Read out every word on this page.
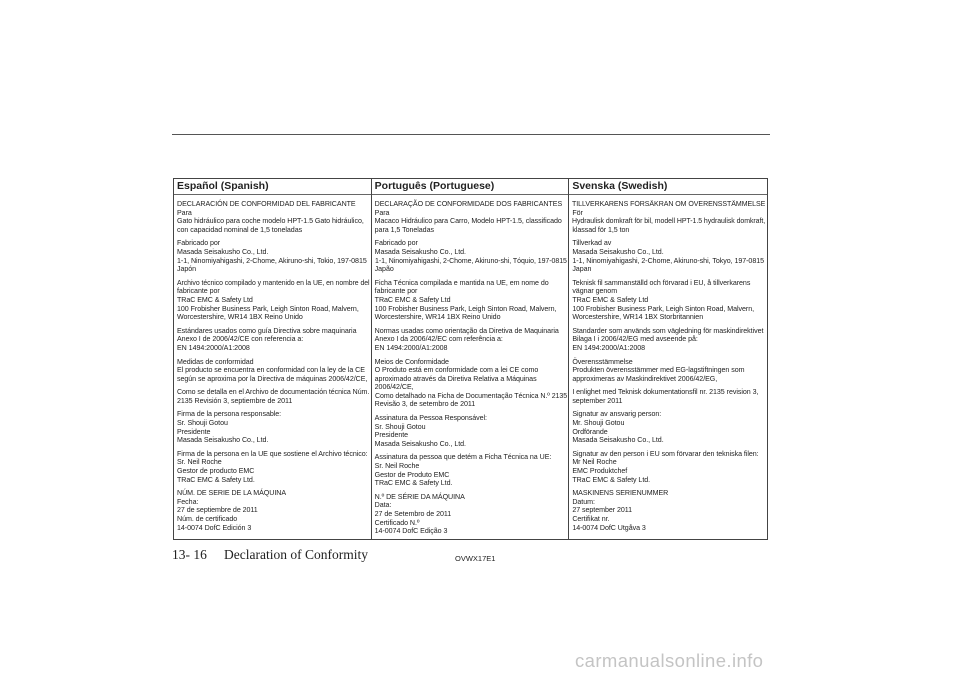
Español (Spanish)
DECLARACIÓN DE CONFORMIDAD DEL FABRICANTE
Para
Gato hidráulico para coche modelo HPT-1.5 Gato hidráulico,
con capacidad nominal de 1,5 toneladas
Fabricado por
Masada Seisakusho Co., Ltd.
1-1, Ninomiyahigashi, 2-Chome, Akiruno-shi, Tokio, 197-0815
Japón
Archivo técnico compilado y mantenido en la UE, en nombre del
fabricante por
TRaC EMC & Safety Ltd
100 Frobisher Business Park, Leigh Sinton Road, Malvern,
Worcestershire, WR14 1BX Reino Unido
Estándares usados como guía Directiva sobre maquinaria
Anexo I de 2006/42/CE con referencia a:
EN 1494:2000/A1:2008
Medidas de conformidad
El producto se encuentra en conformidad con la ley de la CE
según se aproxima por la Directiva de máquinas 2006/42/CE,
Como se detalla en el Archivo de documentación técnica Núm.
2135 Revisión 3, septiembre de 2011
Firma de la persona responsable:
Sr. Shouji Gotou
Presidente
Masada Seisakusho Co., Ltd.
Firma de la persona en la UE que sostiene el Archivo técnico:
Sr. Neil Roche
Gestor de producto EMC
TRaC EMC & Safety Ltd.
NÚM. DE SERIE DE LA MÁQUINA
Fecha:
27 de septiembre de 2011
Núm. de certificado
14-0074 DofC Edición 3
Português (Portuguese)
DECLARAÇÃO DE CONFORMIDADE DOS FABRICANTES
Para
Macaco Hidráulico para Carro, Modelo HPT-1.5, classificado
para 1,5 Toneladas
Fabricado por
Masada Seisakusho Co., Ltd.
1-1, Ninomiyahigashi, 2-Chome, Akiruno-shi, Tóquio, 197-0815
Japão
Ficha Técnica compilada e mantida na UE, em nome do
fabricante por
TRaC EMC & Safety Ltd
100 Frobisher Business Park, Leigh Sinton Road, Malvern,
Worcestershire, WR14 1BX Reino Unido
Normas usadas como orientação da Diretiva de Maquinaria
Anexo I da 2006/42/EC com referência a:
EN 1494:2000/A1:2008
Meios de Conformidade
O Produto está em conformidade com a lei CE como
aproximado através da Diretiva Relativa a Máquinas
2006/42/CE,
Como detalhado na Ficha de Documentação Técnica N.º 2135
Revisão 3, de setembro de 2011
Assinatura da Pessoa Responsável:
Sr. Shouji Gotou
Presidente
Masada Seisakusho Co., Ltd.
Assinatura da pessoa que detém a Ficha Técnica na UE:
Sr. Neil Roche
Gestor de Produto EMC
TRaC EMC & Safety Ltd.
N.º DE SÉRIE DA MÁQUINA
Data:
27 de Setembro de 2011
Certificado N.º
14-0074 DofC Edição 3
Svenska (Swedish)
TILLVERKARENS FÖRSÄKRAN OM ÖVERENSSTÄMMELSE
För
Hydraulisk domkraft för bil, modell HPT-1.5 hydraulisk domkraft,
klassad för 1,5 ton
Tillverkad av
Masada Seisakusho Co., Ltd.
1-1, Ninomiyahigashi, 2-Chome, Akiruno-shi, Tokyo, 197-0815
Japan
Teknisk fil sammanställd och förvarad i EU, å tillverkarens
vägnar genom
TRaC EMC & Safety Ltd
100 Frobisher Business Park, Leigh Sinton Road, Malvern,
Worcestershire, WR14 1BX Storbritannien
Standarder som används som vägledning för maskindirektivet
Bilaga I i 2006/42/EG med avseende på:
EN 1494:2000/A1:2008
Överensstämmelse
Produkten överensstämmer med EG-lagstiftningen som
approximeras av Maskindirektivet 2006/42/EG,
I enlighet med Teknisk dokumentationsfil nr. 2135 revision 3,
september 2011
Signatur av ansvarig person:
Mr. Shouji Gotou
Ordförande
Masada Seisakusho Co., Ltd.
Signatur av den person i EU som förvarar den tekniska filen:
Mr Neil Roche
EMC Produktchef
TRaC EMC & Safety Ltd.
MASKINENS SERIENUMMER
Datum:
27 september 2011
Certifikat nr.
14-0074 DofC Utgåva 3
13- 16 Declaration of Conformity	OVWX17E1
carmanualsonline.info
